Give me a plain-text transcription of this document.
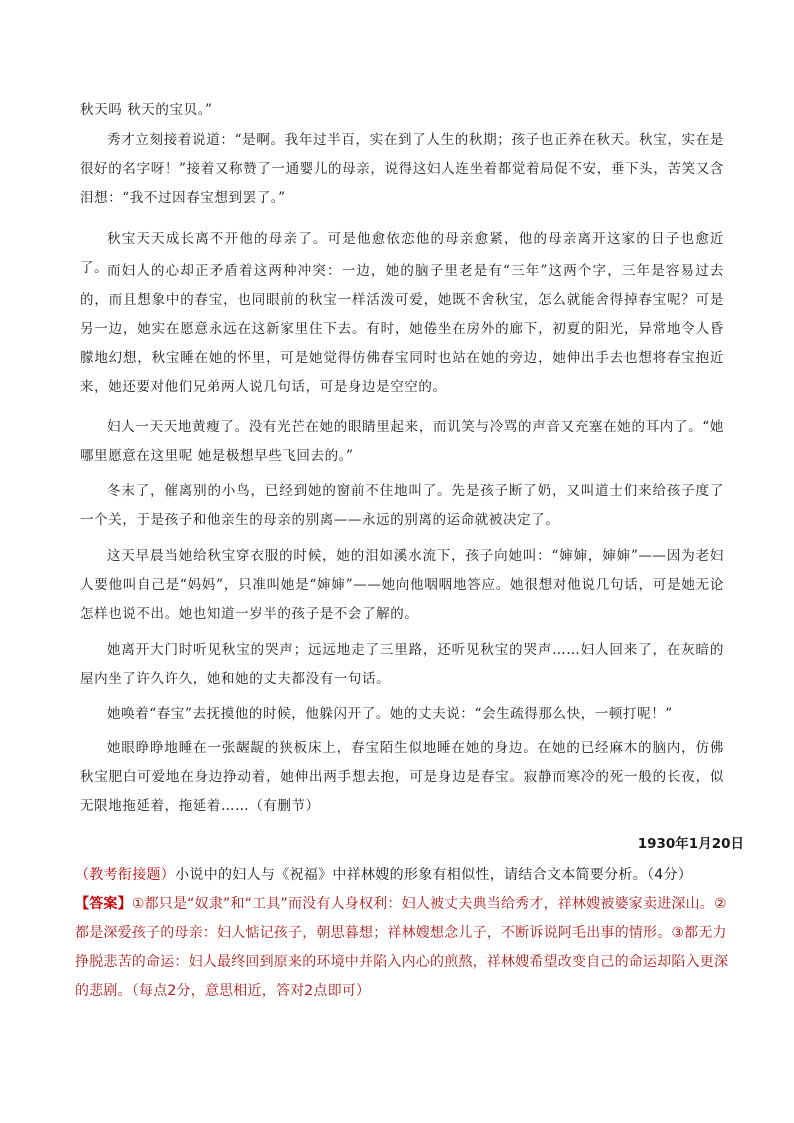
秋天吗 秋天的宝贝。”

秀才立刻接着说道：“是啊。我年过半百，实在到了人生的秋期；孩子也正养在秋天。秋宝，实在是很好的名字呀！”接着又称赞了一通婴儿的母亲，说得这妇人连坐着都觉着局促不安，垂下头，苦笑又含泪想：“我不过因春宝想到罢了。”

秋宝天天成长离不开他的母亲了。可是他愈依恋他的母亲愈紧，他的母亲离开这家的日子也愈近了。

而妇人的心却正矛盾着这两种冲突：一边，她的脑子里老是有“三年”这两个字，三年是容易过去的，而且想象中的春宝，也同眼前的秋宝一样活泼可爱，她既不舍秋宝，怎么就能舍得掉春宝呢？可是另一边，她实在愿意永远在这新家里住下去。有时，她倦坐在房外的廊下，初夏的阳光，异常地令人昏朦地幻想，秋宝睡在她的怀里，可是她觉得仿佛春宝同时也站在她的旁边，她伸出手去也想将春宝抱近来，她还要对他们兄弟两人说几句话，可是身边是空空的。

妇人一天天地黄瘦了。没有光芒在她的眼睛里起来，而讥笑与冷骂的声音又充塞在她的耳内了。“她哪里愿意在这里呢 她是极想早些飞回去的。”

冬末了，催离别的小鸟，已经到她的窗前不住地叫了。先是孩子断了奶，又叫道士们来给孩子度了一个关，于是孩子和他亲生的母亲的别离——永远的别离的运命就被决定了。

这天早晨当她给秋宝穿衣服的时候，她的泪如溪水流下，孩子向她叫：“婶婶，婶婶”——因为老妇人要他叫自己是“妈妈”，只准叫她是“婶婶”——她向他咽咽地答应。她很想对他说几句话，可是她无论怎样也说不出。她也知道一岁半的孩子是不会了解的。

她离开大门时听见秋宝的哭声；远远地走了三里路，还听见秋宝的哭声……妇人回来了，在灰暗的屋内坐了许久许久，她和她的丈夫都没有一句话。

她唤着“春宝”去抚摸他的时候，他躲闪开了。她的丈夫说：“会生疏得那么快，一顿打呢！”

她眼睁睁地睡在一张龌龊的狭板床上，春宝陌生似地睡在她的身边。在她的已经麻木的脑内，仿佛秋宝肥白可爱地在身边挣动着，她伸出两手想去抱，可是身边是春宝。寂静而寒冷的死一般的长夜，似无限地拖延着，拖延着……（有删节）

1930年1月20日

（教考衔接题）小说中的妇人与《祝福》中祥林嫂的形象有相似性，请结合文本简要分析。（4分）

【答案】①都只是“奴隶”和“工具”而没有人身权利：妇人被丈夫典当给秀才，祥林嫂被婆家卖进深山。②都是深爱孩子的母亲：妇人惦记孩子，朝思暮想；祥林嫂想念儿子，不断诉说阿毛出事的情形。③都无力挣脱悲苦的命运：妇人最终回到原来的环境中并陷入内心的煎熬，祥林嫂希望改变自己的命运却陷入更深的悲剧。（每点2分，意思相近，答对2点即可）
